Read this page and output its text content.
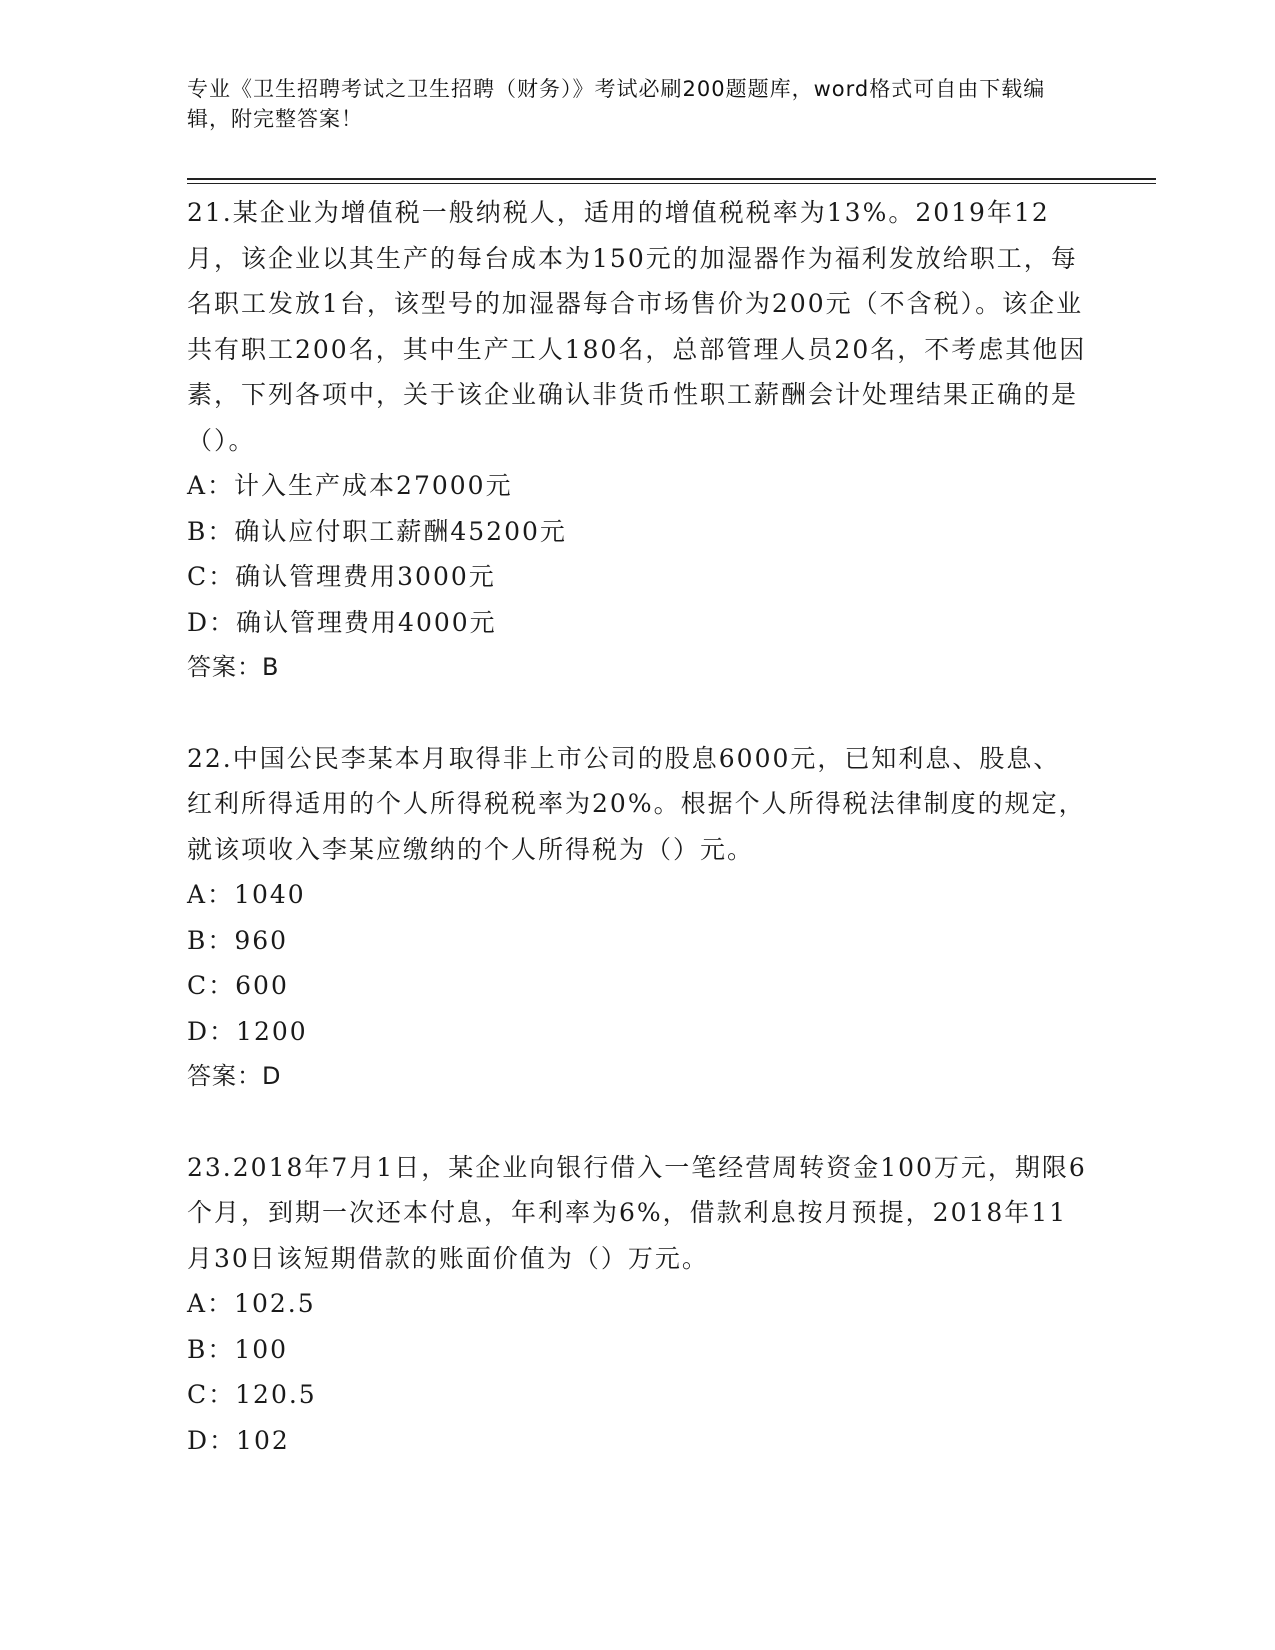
专业《卫生招聘考试之卫生招聘（财务）》考试必刷200题题库，word格式可自由下载编辑，附完整答案！

21.某企业为增值税一般纳税人，适用的增值税税率为13%。2019年12月，该企业以其生产的每台成本为150元的加湿器作为福利发放给职工，每名职工发放1台，该型号的加湿器每合市场售价为200元（不含税）。该企业共有职工200名，其中生产工人180名，总部管理人员20名，不考虑其他因素，下列各项中，关于该企业确认非货币性职工薪酬会计处理结果正确的是（）。

A：计入生产成本27000元

B：确认应付职工薪酬45200元

C：确认管理费用3000元

D：确认管理费用4000元

答案：B

22.中国公民李某本月取得非上市公司的股息6000元，已知利息、股息、红利所得适用的个人所得税税率为20%。根据个人所得税法律制度的规定，就该项收入李某应缴纳的个人所得税为（）元。

A：1040

B：960

C：600

D：1200

答案：D

23.2018年7月1日，某企业向银行借入一笔经营周转资金100万元，期限6个月，到期一次还本付息，年利率为6%，借款利息按月预提，2018年11月30日该短期借款的账面价值为（）万元。

A：102.5

B：100

C：120.5

D：102
